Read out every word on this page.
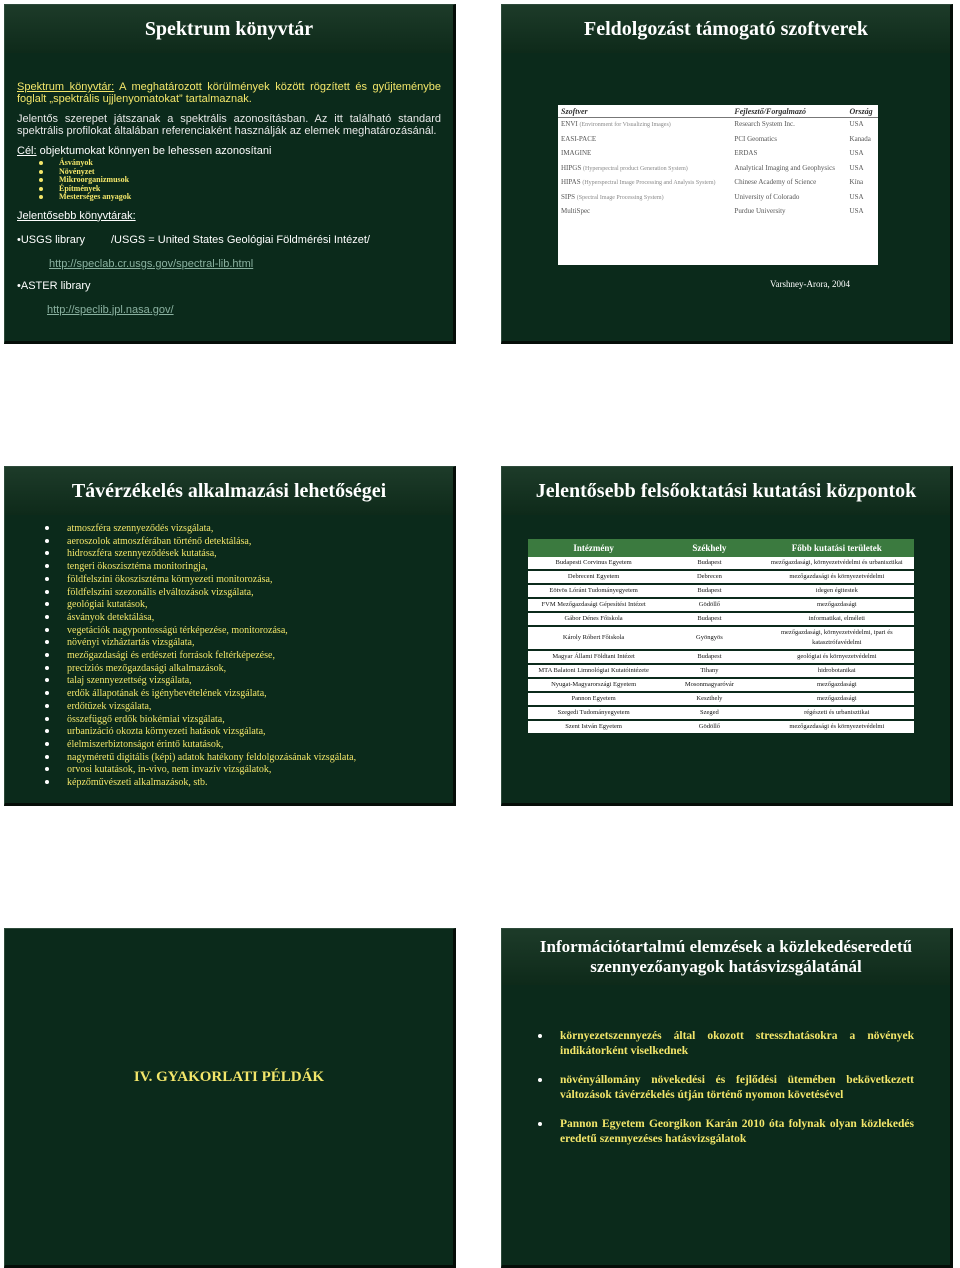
Spektrum könyvtár

Spektrum könyvtár: A meghatározott körülmények között rögzített és gyűjteménybe foglalt „spektrális ujjlenyomatokat” tartalmaznak.

Jelentős szerepet játszanak a spektrális azonosításban. Az itt található standard spektrális profilokat általában referenciaként használják az elemek meghatározásánál.

Cél: objektumokat könnyen be lehessen azonosítani
Ásványok
Növényzet
Mikroorganizmusok
Építmények
Mesterséges anyagok
Jelentősebb könyvtárak:
•USGS library /USGS = United States Geológiai Földmérési Intézet/
http://speclab.cr.usgs.gov/spectral-lib.html
•ASTER library
http://speclib.jpl.nasa.gov/
Feldolgozást támogató szoftverek
Szoftver	Fejlesztő/Forgalmazó	Ország
ENVI (Environment for Visualizing Images)	Research System Inc.	USA
EASI-PACE	PCI Geomatics	Kanada
IMAGINE	ERDAS	USA
HIPGS (Hyperspectral product Generation System)	Analytical Imaging and Geophysics	USA
HIPAS (Hyperspectral Image Processing and Analysis System)	Chinese Academy of Science	Kína
SIPS (Spectral Image Processing System)	University of Colorado	USA
MultiSpec	Purdue University	USA
Varshney-Arora, 2004
Távérzékelés alkalmazási lehetőségei
atmoszféra szennyeződés vizsgálata,
aeroszolok atmoszférában történő detektálása,
hidroszféra szennyeződések kutatása,
tengeri ökoszisztéma monitoringja,
földfelszíni ökoszisztéma környezeti monitorozása,
földfelszíni szezonális elváltozások vizsgálata,
geológiai kutatások,
ásványok detektálása,
vegetációk nagypontosságú térképezése, monitorozása,
növényi vízháztartás vizsgálata,
mezőgazdasági és erdészeti források feltérképezése,
precíziós mezőgazdasági alkalmazások,
talaj szennyezettség vizsgálata,
erdők állapotának és igénybevételének vizsgálata,
erdőtüzek vizsgálata,
összefüggő erdők biokémiai vizsgálata,
urbanizáció okozta környezeti hatások vizsgálata,
élelmiszerbiztonságot érintő kutatások,
nagyméretű digitális (képi) adatok hatékony feldolgozásának vizsgálata,
orvosi kutatások, in-vivo, nem invazív vizsgálatok,
képzőművészeti alkalmazások, stb.
Jelentősebb felsőoktatási kutatási központok
Intézmény	Székhely	Főbb kutatási területek
Budapesti Corvinus Egyetem	Budapest	mezőgazdasági, környezetvédelmi és urbanisztikai
Debreceni Egyetem	Debrecen	mezőgazdasági és környezetvédelmi
Eötvös Lóránt Tudományegyetem	Budapest	idegen égitestek
FVM Mezőgazdasági Gépesítési Intézet	Gödöllő	mezőgazdasági
Gábor Dénes Főiskola	Budapest	informatikai, elméleti
Károly Róbert Főiskola	Gyöngyös	mezőgazdasági, környezetvédelmi, ipari és katasztrófavédelmi
Magyar Állami Földtani Intézet	Budapest	geológiai és környezetvédelmi
MTA Balatoni Limnológiai Kutatóintézete	Tihany	hidrobotanikai
Nyugat-Magyarországi Egyetem	Mosonmagyaróvár	mezőgazdasági
Pannon Egyetem	Keszthely	mezőgazdasági
Szegedi Tudományegyetem	Szeged	régészeti és urbanisztikai
Szent István Egyetem	Gödöllő	mezőgazdasági és környezetvédelmi
IV. GYAKORLATI PÉLDÁK
Információtartalmú elemzések a közlekedéseredetű szennyezőanyagok hatásvizsgálatánál
környezetszennyezés által okozott stresszhatásokra a növények indikátorként viselkednek
növényállomány növekedési és fejlődési ütemében bekövetkezett változások távérzékelés útján történő nyomon követésével
Pannon Egyetem Georgikon Karán 2010 óta folynak olyan közlekedés eredetű szennyezéses hatásvizsgálatok
